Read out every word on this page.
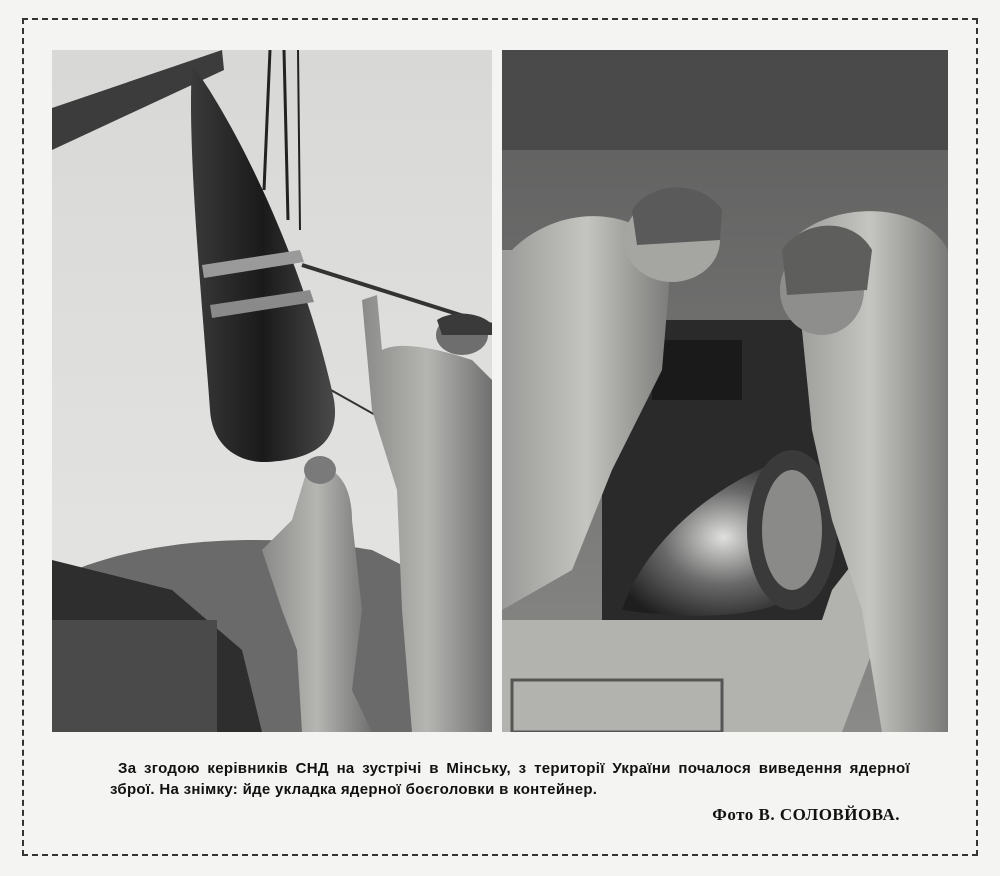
За згодою керівників СНД на зустрічі в Мінську, з території України почалося виведення ядерної зброї. На знімку: йде укладка ядерної боєголовки в контейнер.
Фото В. СОЛОВЙОВА.
